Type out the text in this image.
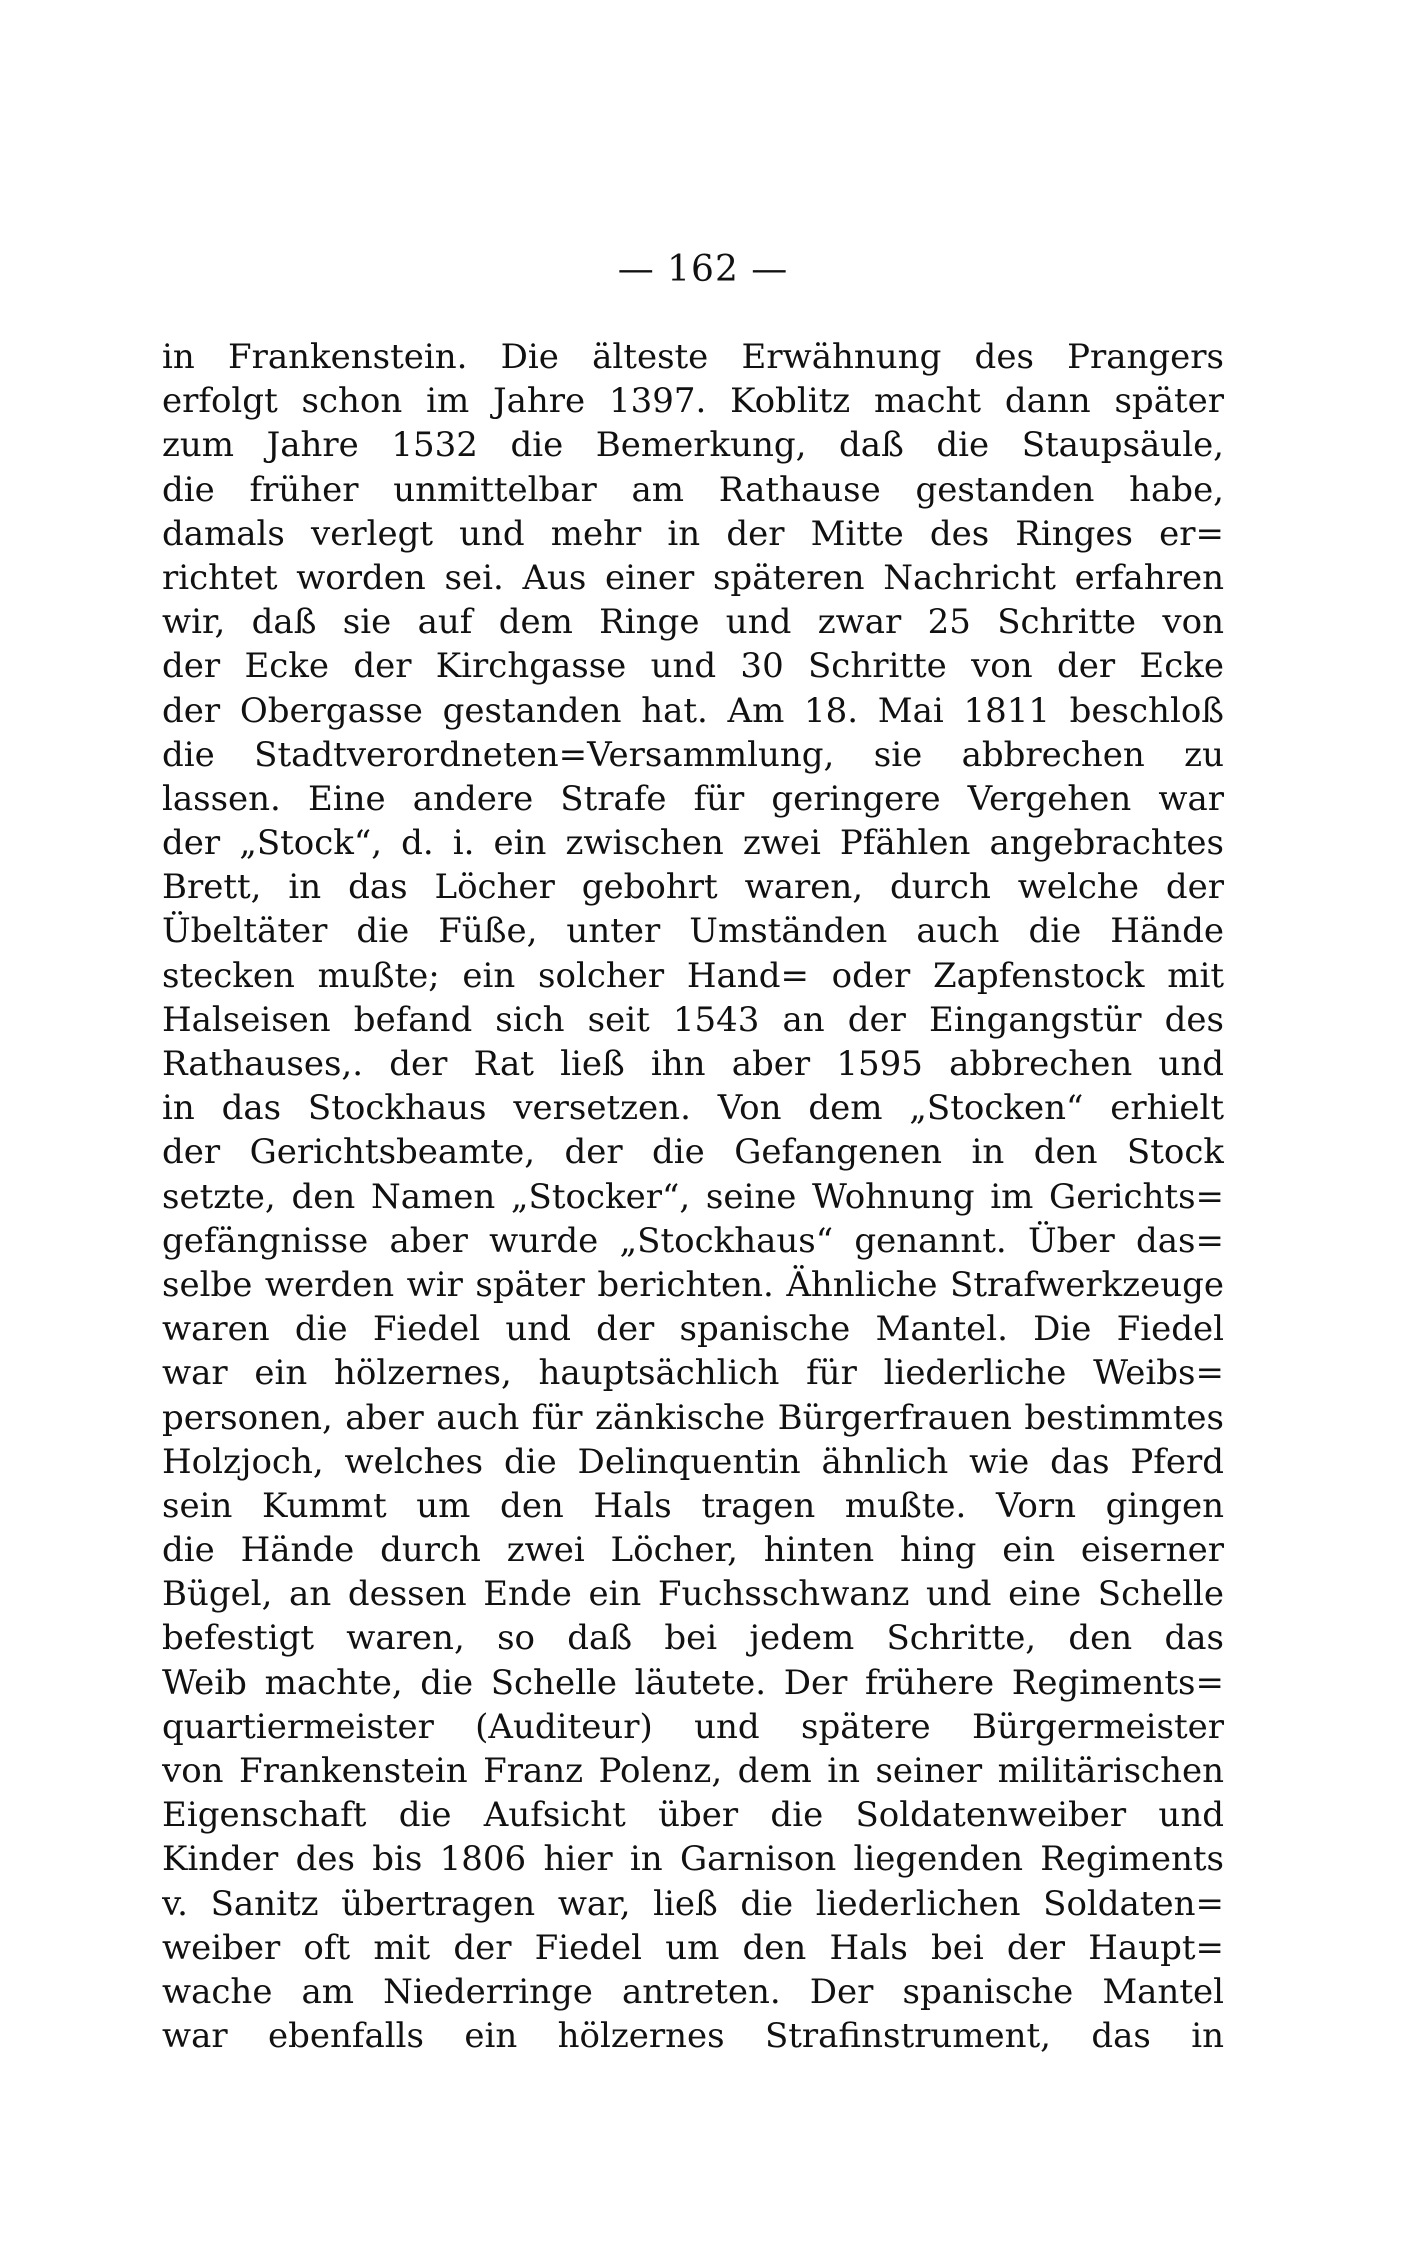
— 162 —
in Frankenstein. Die älteste Erwähnung des Prangers
erfolgt schon im Jahre 1397. Koblitz macht dann später
zum Jahre 1532 die Bemerkung, daß die Staupsäule,
die früher unmittelbar am Rathause gestanden habe,
damals verlegt und mehr in der Mitte des Ringes er=
richtet worden sei. Aus einer späteren Nachricht erfahren
wir, daß sie auf dem Ringe und zwar 25 Schritte von
der Ecke der Kirchgasse und 30 Schritte von der Ecke
der Obergasse gestanden hat. Am 18. Mai 1811 beschloß
die Stadtverordneten=Versammlung, sie abbrechen zu
lassen. Eine andere Strafe für geringere Vergehen war
der „Stock“, d. i. ein zwischen zwei Pfählen angebrachtes
Brett, in das Löcher gebohrt waren, durch welche der
Übeltäter die Füße, unter Umständen auch die Hände
stecken mußte; ein solcher Hand= oder Zapfenstock mit
Halseisen befand sich seit 1543 an der Eingangstür des
Rathauses,. der Rat ließ ihn aber 1595 abbrechen und
in das Stockhaus versetzen. Von dem „Stocken“ erhielt
der Gerichtsbeamte, der die Gefangenen in den Stock
setzte, den Namen „Stocker“, seine Wohnung im Gerichts=
gefängnisse aber wurde „Stockhaus“ genannt. Über das=
selbe werden wir später berichten. Ähnliche Strafwerkzeuge
waren die Fiedel und der spanische Mantel. Die Fiedel
war ein hölzernes, hauptsächlich für liederliche Weibs=
personen, aber auch für zänkische Bürgerfrauen bestimmtes
Holzjoch, welches die Delinquentin ähnlich wie das Pferd
sein Kummt um den Hals tragen mußte. Vorn gingen
die Hände durch zwei Löcher, hinten hing ein eiserner
Bügel, an dessen Ende ein Fuchsschwanz und eine Schelle
befestigt waren, so daß bei jedem Schritte, den das
Weib machte, die Schelle läutete. Der frühere Regiments=
quartiermeister (Auditeur) und spätere Bürgermeister
von Frankenstein Franz Polenz, dem in seiner militärischen
Eigenschaft die Aufsicht über die Soldatenweiber und
Kinder des bis 1806 hier in Garnison liegenden Regiments
v. Sanitz übertragen war, ließ die liederlichen Soldaten=
weiber oft mit der Fiedel um den Hals bei der Haupt=
wache am Niederringe antreten. Der spanische Mantel
war ebenfalls ein hölzernes Strafinstrument, das in
